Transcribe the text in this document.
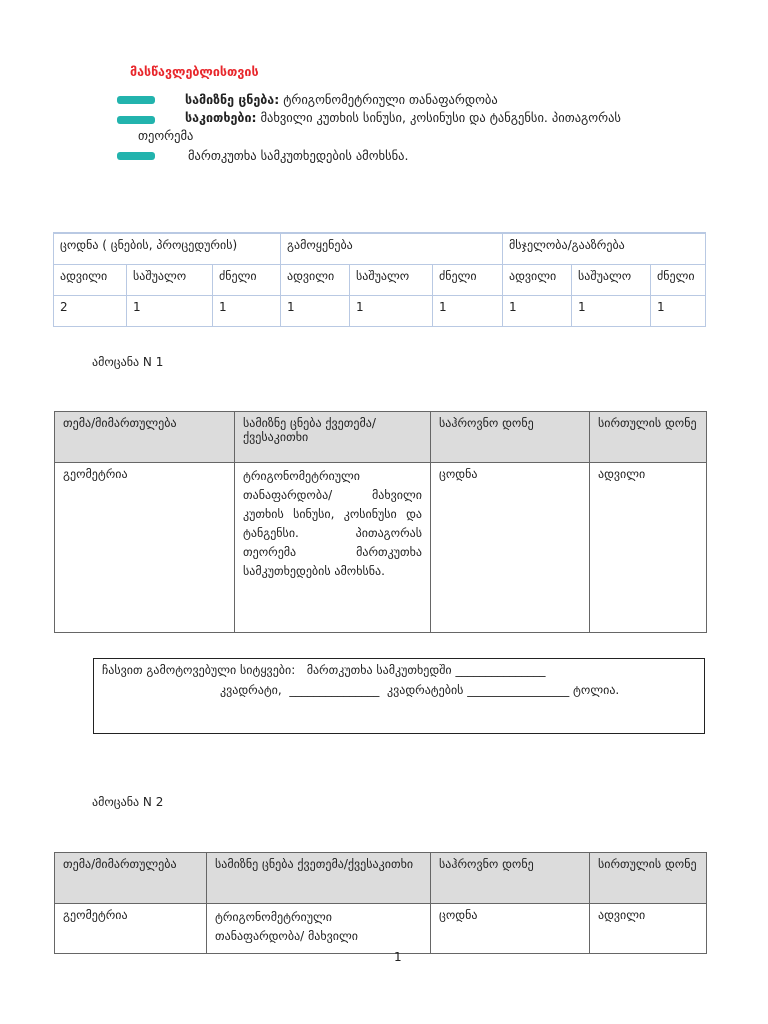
მასწავლებლისთვის
სამიზნე ცნება: ტრიგონომეტრიული თანაფარდობა
საკითხები: მახვილი კუთხის სინუსი, კოსინუსი და ტანგენსი. პითაგორას
თეორემა
მართკუთხა სამკუთხედების ამოხსნა.
ცოდნა ( ცნების, პროცედურის)			გამოყენება			მსჯელობა/გააზრება		
ადვილი	საშუალო	ძნელი	ადვილი	საშუალო	ძნელი	ადვილი	საშუალო	ძნელი
2	1	1	1	1	1	1	1	1
ამოცანა N 1
თემა/მიმართულება	სამიზნე ცნება ქვეთემა/ქვესაკითხი	საჰროვნო დონე	სირთულის დონე
გეომეტრია	ტრიგონომეტრიული თანაფარდობა/ მახვილი კუთხის სინუსი, კოსინუსი და ტანგენსი. პითაგორას თეორემა მართკუთხა სამკუთხედების ამოხსნა.	ცოდნა	ადვილი
ჩასვით გამოტოვებული სიტყვები:   მართკუთხა სამკუთხედში _______________
კვადრატი,  _______________  კვადრატების _________________ ტოლია.
ამოცანა N 2
თემა/მიმართულება	სამიზნე ცნება ქვეთემა/ქვესაკითხი	საჰროვნო დონე	სირთულის დონე
გეომეტრია	ტრიგონომეტრიული თანაფარდობა/ მახვილი	ცოდნა	ადვილი
1
